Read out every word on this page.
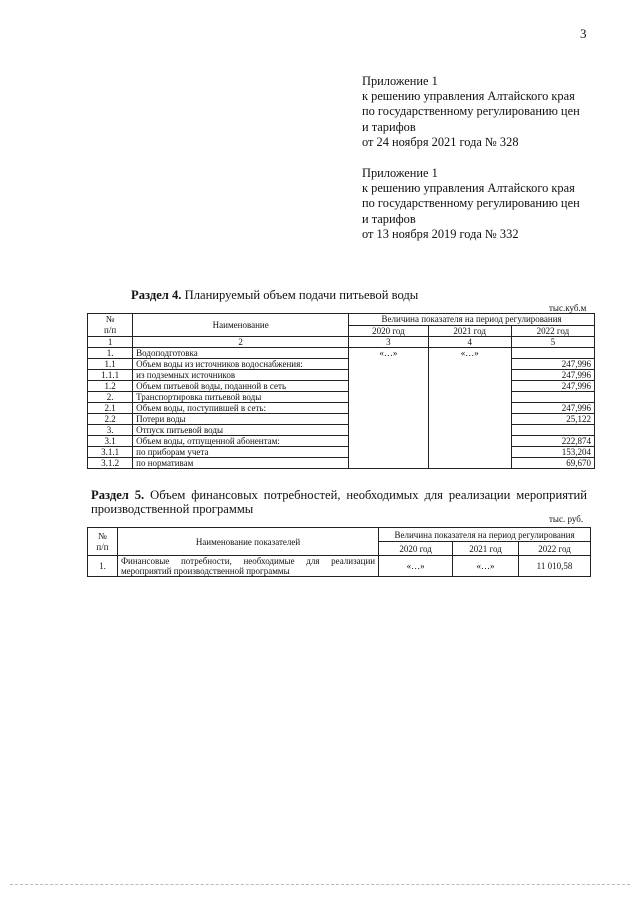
3
Приложение 1
к решению управления Алтайского края
по государственному регулированию цен
и тарифов
от 24 ноября 2021 года № 328
Приложение 1
к решению управления Алтайского края
по государственному регулированию цен
и тарифов
от 13 ноября 2019 года № 332
Раздел 4. Планируемый объем подачи питьевой воды
тыс.куб.м
№
п/п	Наименование	Величина показателя на период регулирования		
		2020 год	2021 год	2022 год
1	2	3	4	5
1.	Водоподготовка	«…»	«…»	
1.1	Объем воды из источников водоснабжения:			247,996
1.1.1	из подземных источников			247,996
1.2	Объем питьевой воды, поданной в сеть			247,996
2.	Транспортировка питьевой воды			
2.1	Объем воды, поступившей в сеть:			247,996
2.2	Потери воды			25,122
3.	Отпуск питьевой воды			
3.1	Объем воды, отпущенной абонентам:			222,874
3.1.1	по приборам учета			153,204
3.1.2	по нормативам			69,670
Раздел 5. Объем финансовых потребностей, необходимых для реализации мероприятий производственной программы
тыс. руб.
№
п/п	Наименование показателей	Величина показателя на период регулирования		
		2020 год	2021 год	2022 год
1.	Финансовые потребности, необходимые для реализации мероприятий производственной программы	«…»	«…»	11 010,58
